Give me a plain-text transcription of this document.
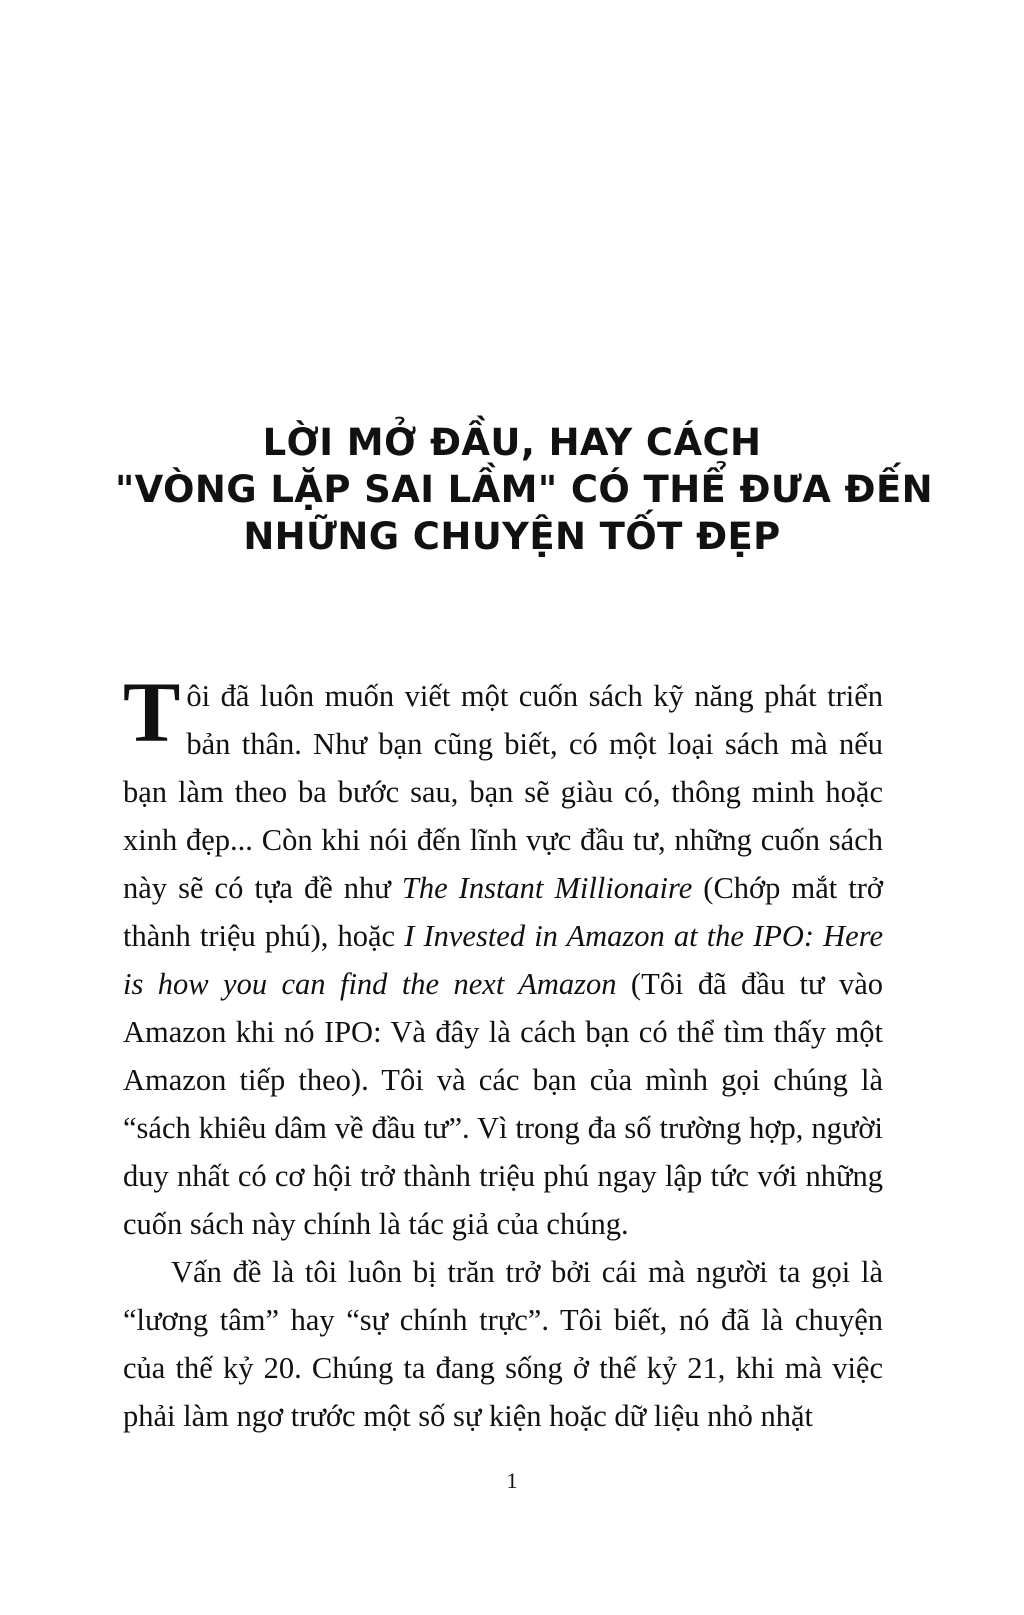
LỜI MỞ ĐẦU, HAY CÁCH
"VÒNG LẶP SAI LẦM" CÓ THỂ ĐƯA ĐẾN
NHỮNG CHUYỆN TỐT ĐẸP

Tôi đã luôn muốn viết một cuốn sách kỹ năng phát triển bản thân. Như bạn cũng biết, có một loại sách mà nếu bạn làm theo ba bước sau, bạn sẽ giàu có, thông minh hoặc xinh đẹp... Còn khi nói đến lĩnh vực đầu tư, những cuốn sách này sẽ có tựa đề như The Instant Millionaire (Chớp mắt trở thành triệu phú), hoặc I Invested in Amazon at the IPO: Here is how you can find the next Amazon (Tôi đã đầu tư vào Amazon khi nó IPO: Và đây là cách bạn có thể tìm thấy một Amazon tiếp theo). Tôi và các bạn của mình gọi chúng là “sách khiêu dâm về đầu tư”. Vì trong đa số trường hợp, người duy nhất có cơ hội trở thành triệu phú ngay lập tức với những cuốn sách này chính là tác giả của chúng.

Vấn đề là tôi luôn bị trăn trở bởi cái mà người ta gọi là “lương tâm” hay “sự chính trực”. Tôi biết, nó đã là chuyện của thế kỷ 20. Chúng ta đang sống ở thế kỷ 21, khi mà việc phải làm ngơ trước một số sự kiện hoặc dữ liệu nhỏ nhặt

1
